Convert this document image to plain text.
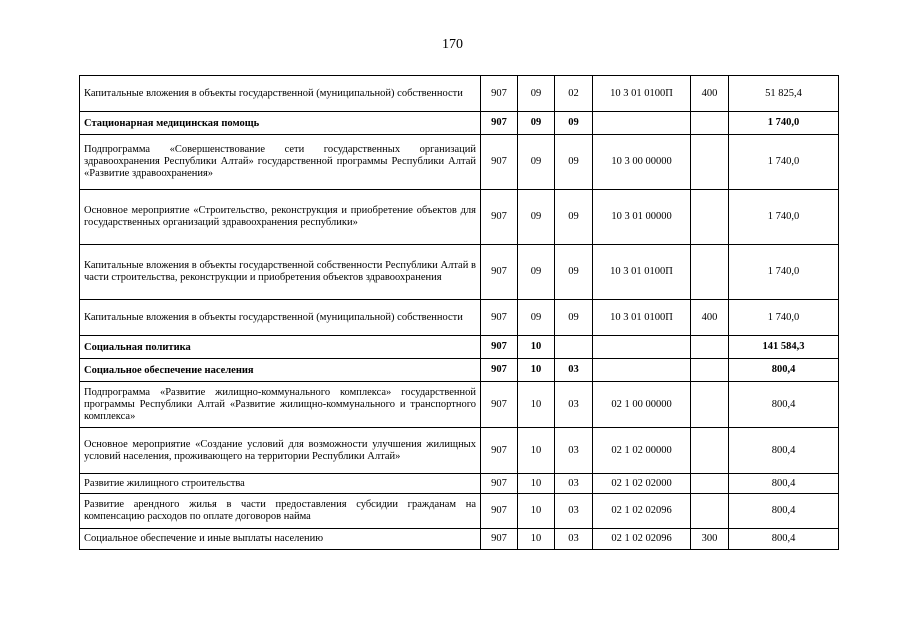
170
Капитальные вложения в объекты государственной (муниципальной) собственности	907	09	02	10 3 01 0100П	400	51 825,4
Стационарная медицинская помощь	907	09	09			1 740,0
Подпрограмма «Совершенствование сети государственных организаций здравоохранения Республики Алтай» государственной программы Республики Алтай «Развитие здравоохранения»	907	09	09	10 3 00 00000		1 740,0
Основное мероприятие «Строительство, реконструкция и приобретение объектов для государственных организаций здравоохранения республики»	907	09	09	10 3 01 00000		1 740,0
Капитальные вложения в объекты государственной собственности Республики Алтай в части строительства, реконструкции и приобретения объектов здравоохранения	907	09	09	10 3 01 0100П		1 740,0
Капитальные вложения в объекты государственной (муниципальной) собственности	907	09	09	10 3 01 0100П	400	1 740,0
Социальная политика	907	10				141 584,3
Социальное обеспечение населения	907	10	03			800,4
Подпрограмма «Развитие жилищно-коммунального комплекса» государственной программы Республики Алтай «Развитие жилищно-коммунального и транспортного комплекса»	907	10	03	02 1 00 00000		800,4
Основное мероприятие «Создание условий для возможности улучшения жилищных условий населения, проживающего на территории Республики Алтай»	907	10	03	02 1 02 00000		800,4
Развитие жилищного строительства	907	10	03	02 1 02 02000		800,4
Развитие арендного жилья в части предоставления субсидии гражданам на компенсацию расходов по оплате договоров найма	907	10	03	02 1 02 02096		800,4
Социальное обеспечение и иные выплаты населению	907	10	03	02 1 02 02096	300	800,4
